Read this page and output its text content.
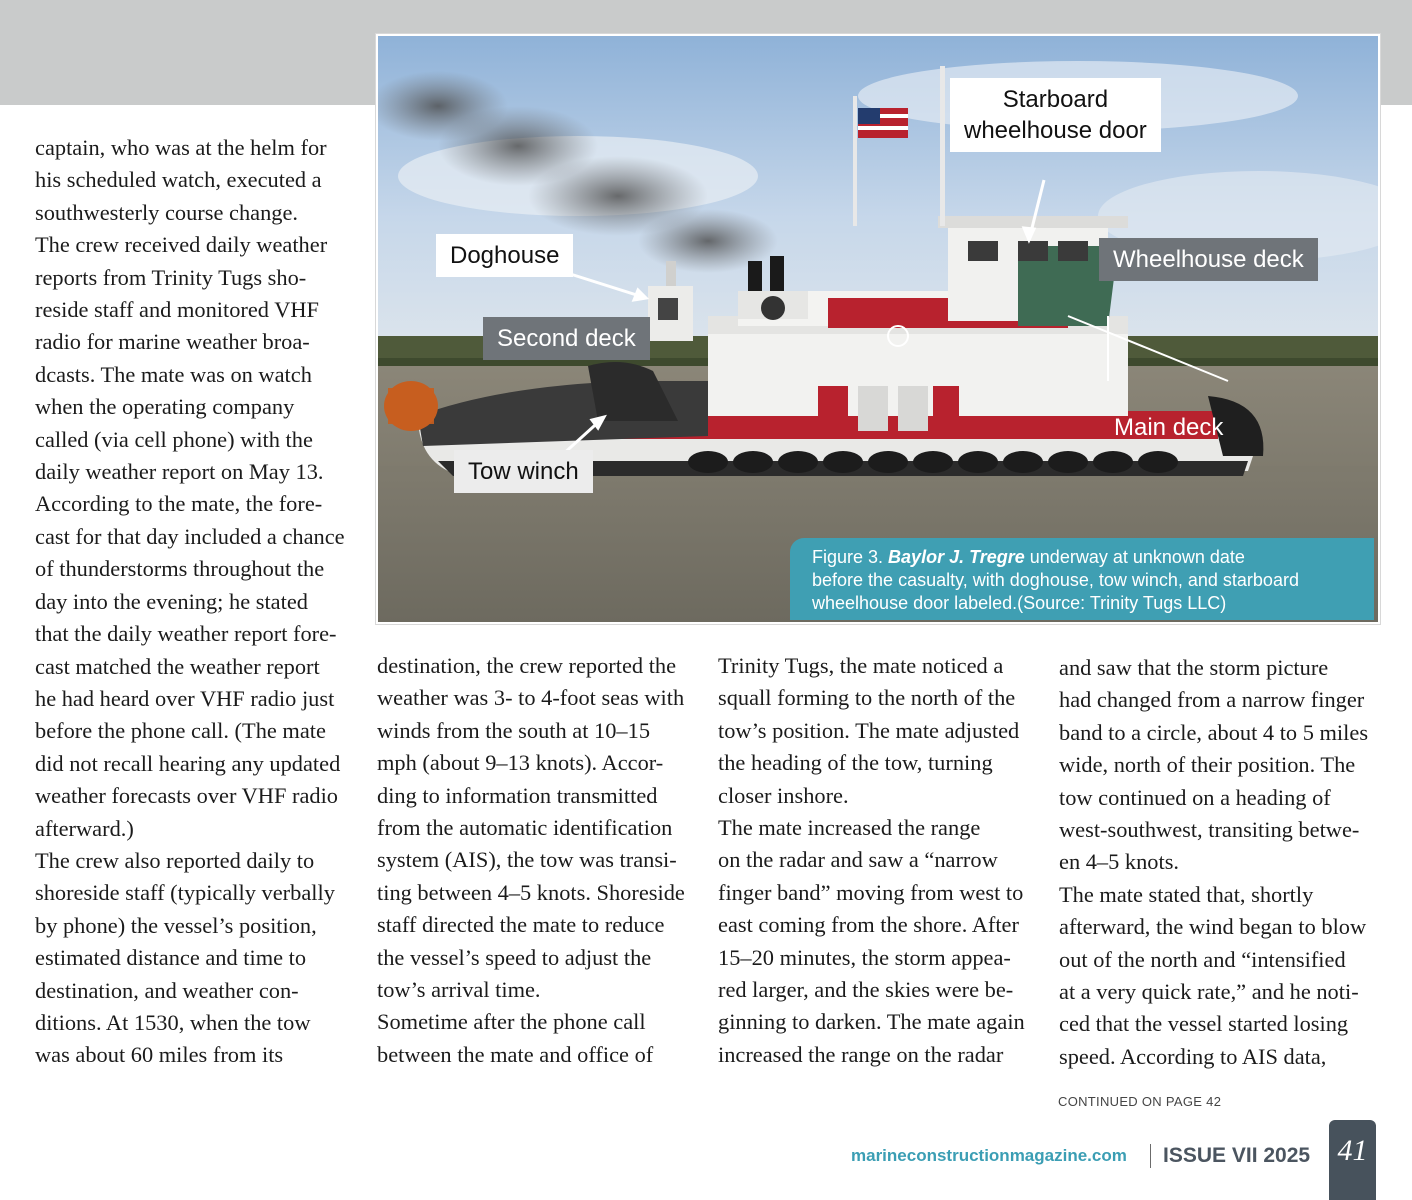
captain, who was at the helm for
his scheduled watch, executed a
southwesterly course change.
The crew received daily weather
reports from Trinity Tugs sho-
reside staff and monitored VHF
radio for marine weather broa-
dcasts. The mate was on watch
when the operating company
called (via cell phone) with the
daily weather report on May 13.
According to the mate, the fore-
cast for that day included a chance
of thunderstorms throughout the
day into the evening; he stated
that the daily weather report fore-
cast matched the weather report
he had heard over VHF radio just
before the phone call. (The mate
did not recall hearing any updated
weather forecasts over VHF radio
afterward.)
The crew also reported daily to
shoreside staff (typically verbally
by phone) the vessel’s position,
estimated distance and time to
destination, and weather con-
ditions. At 1530, when the tow
was about 60 miles from its
destination, the crew reported the
weather was 3- to 4-foot seas with
winds from the south at 10–15
mph (about 9–13 knots). Accor-
ding to information transmitted
from the automatic identification
system (AIS), the tow was transi-
ting between 4–5 knots. Shoreside
staff directed the mate to reduce
the vessel’s speed to adjust the
tow’s arrival time.
Sometime after the phone call
between the mate and office of
Trinity Tugs, the mate noticed a
squall forming to the north of the
tow’s position. The mate adjusted
the heading of the tow, turning
closer inshore.
The mate increased the range
on the radar and saw a “narrow
finger band” moving from west to
east coming from the shore. After
15–20 minutes, the storm appea-
red larger, and the skies were be-
ginning to darken. The mate again
increased the range on the radar
and saw that the storm picture
had changed from a narrow finger
band to a circle, about 4 to 5 miles
wide, north of their position. The
tow continued on a heading of
west-southwest, transiting betwe-
en 4–5 knots.
The mate stated that, shortly
afterward, the wind began to blow
out of the north and “intensified
at a very quick rate,” and he noti-
ced that the vessel started losing
speed. According to AIS data,
Starboard
wheelhouse door
Doghouse	Wheelhouse deck
Second deck
Main deck
Tow winch
Figure 3. Baylor J. Tregre underway at unknown date
before the casualty, with doghouse, tow winch, and starboard
wheelhouse door labeled.(Source: Trinity Tugs LLC)
CONTINUED ON PAGE 42
marineconstructionmagazine.com ISSUE VII 2025 41
